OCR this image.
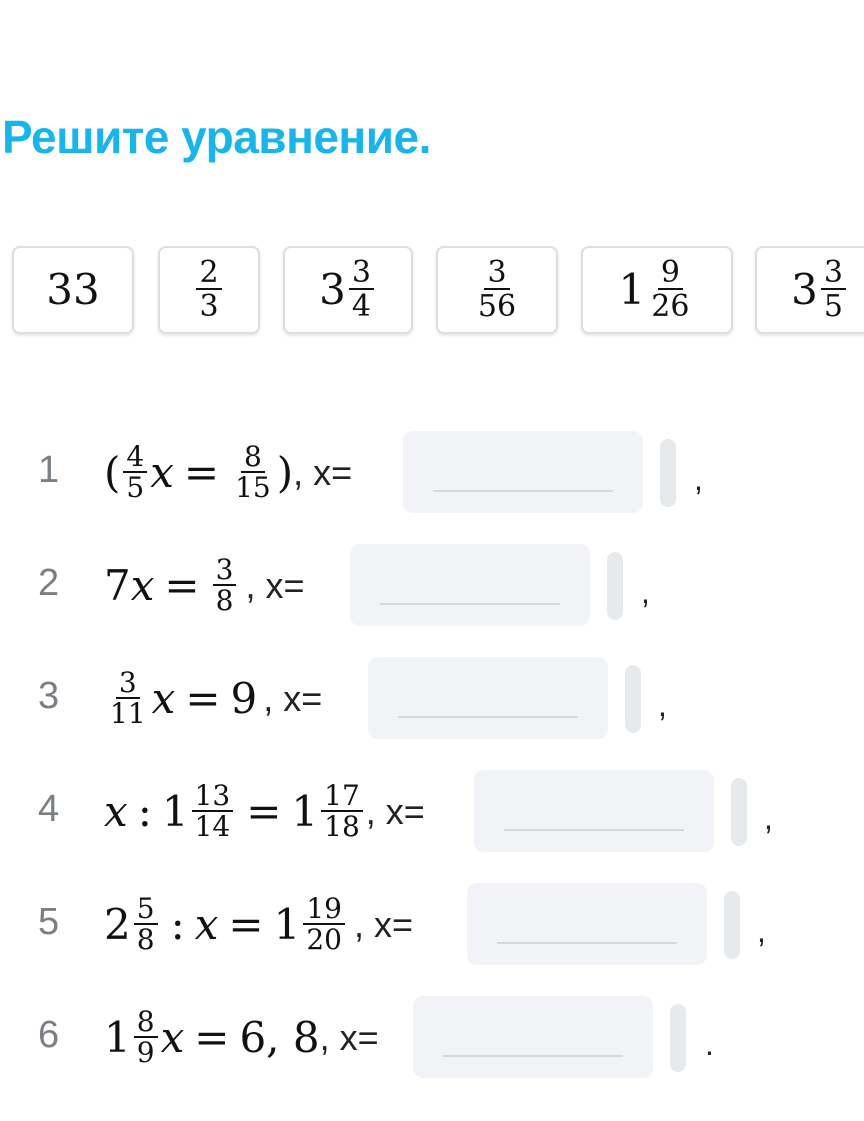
Решите уравнение.
33	$\frac{2}{3} 3 \frac{3}{4}$	$\frac{3}{56} 1 \frac{9}{26} 3 \frac{3}{5}$
1 ( $\frac{4}{5}$ $x = \frac{8}{15}$ ) , x=	,
2 7 $x = \frac{3}{8}$ , x=	,
$3 \frac{3}{11}$ x = 9 , x=	,
4 x : $1 \frac{13}{14} = 1 \frac{17}{18}$ , x=	,
5 $2 \frac{5}{8}$ : $x = 1 \frac{19}{20}$ , x=	,
6 $1 \frac{8}{9}$ x = 6, 8 , x=	.
